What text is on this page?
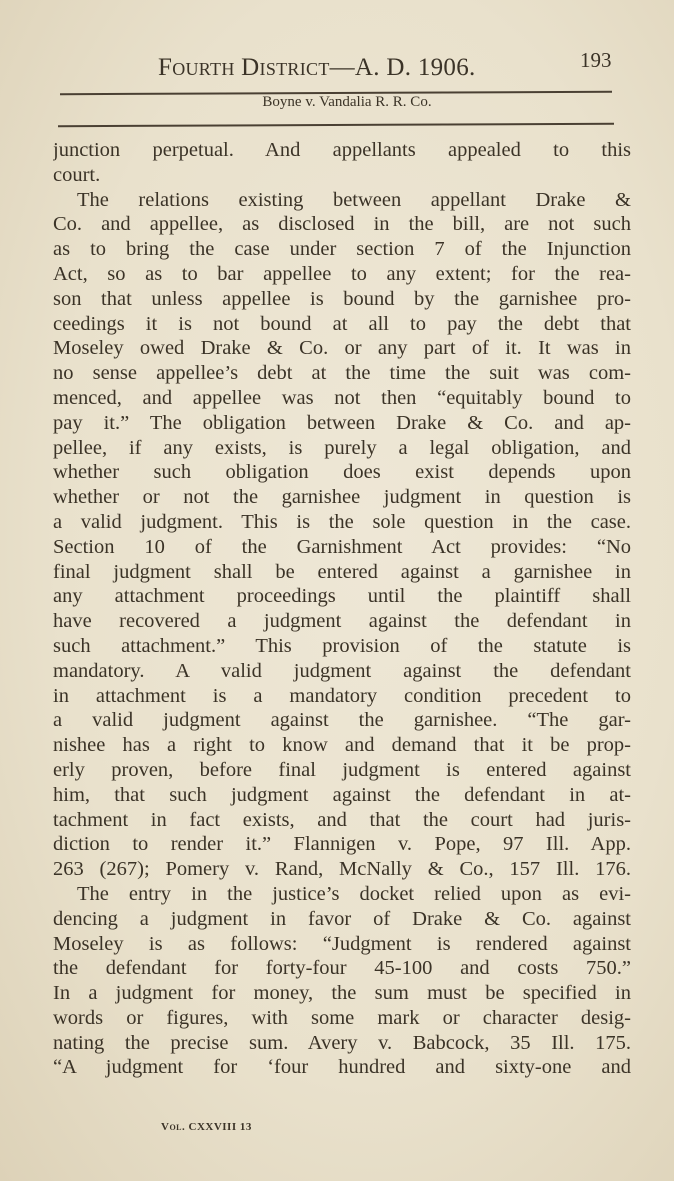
Fourth District—A. D. 1906.	193
Boyne v. Vandalia R. R. Co.
junction perpetual. And appellants appealed to this
court.
The relations existing between appellant Drake &
Co. and appellee, as disclosed in the bill, are not such
as to bring the case under section 7 of the Injunction
Act, so as to bar appellee to any extent; for the rea-
son that unless appellee is bound by the garnishee pro-
ceedings it is not bound at all to pay the debt that
Moseley owed Drake & Co. or any part of it. It was in
no sense appellee’s debt at the time the suit was com-
menced, and appellee was not then “equitably bound to
pay it.” The obligation between Drake & Co. and ap-
pellee, if any exists, is purely a legal obligation, and
whether such obligation does exist depends upon
whether or not the garnishee judgment in question is
a valid judgment. This is the sole question in the case.
Section 10 of the Garnishment Act provides: “No
final judgment shall be entered against a garnishee in
any attachment proceedings until the plaintiff shall
have recovered a judgment against the defendant in
such attachment.” This provision of the statute is
mandatory. A valid judgment against the defendant
in attachment is a mandatory condition precedent to
a valid judgment against the garnishee. “The gar-
nishee has a right to know and demand that it be prop-
erly proven, before final judgment is entered against
him, that such judgment against the defendant in at-
tachment in fact exists, and that the court had juris-
diction to render it.” Flannigen v. Pope, 97 Ill. App.
263 (267); Pomery v. Rand, McNally & Co., 157 Ill. 176.
The entry in the justice’s docket relied upon as evi-
dencing a judgment in favor of Drake & Co. against
Moseley is as follows: “Judgment is rendered against
the defendant for forty-four 45-100 and costs 750.”
In a judgment for money, the sum must be specified in
words or figures, with some mark or character desig-
nating the precise sum. Avery v. Babcock, 35 Ill. 175.
“A judgment for ‘four hundred and sixty-one and
Vol. CXXVIII 13
